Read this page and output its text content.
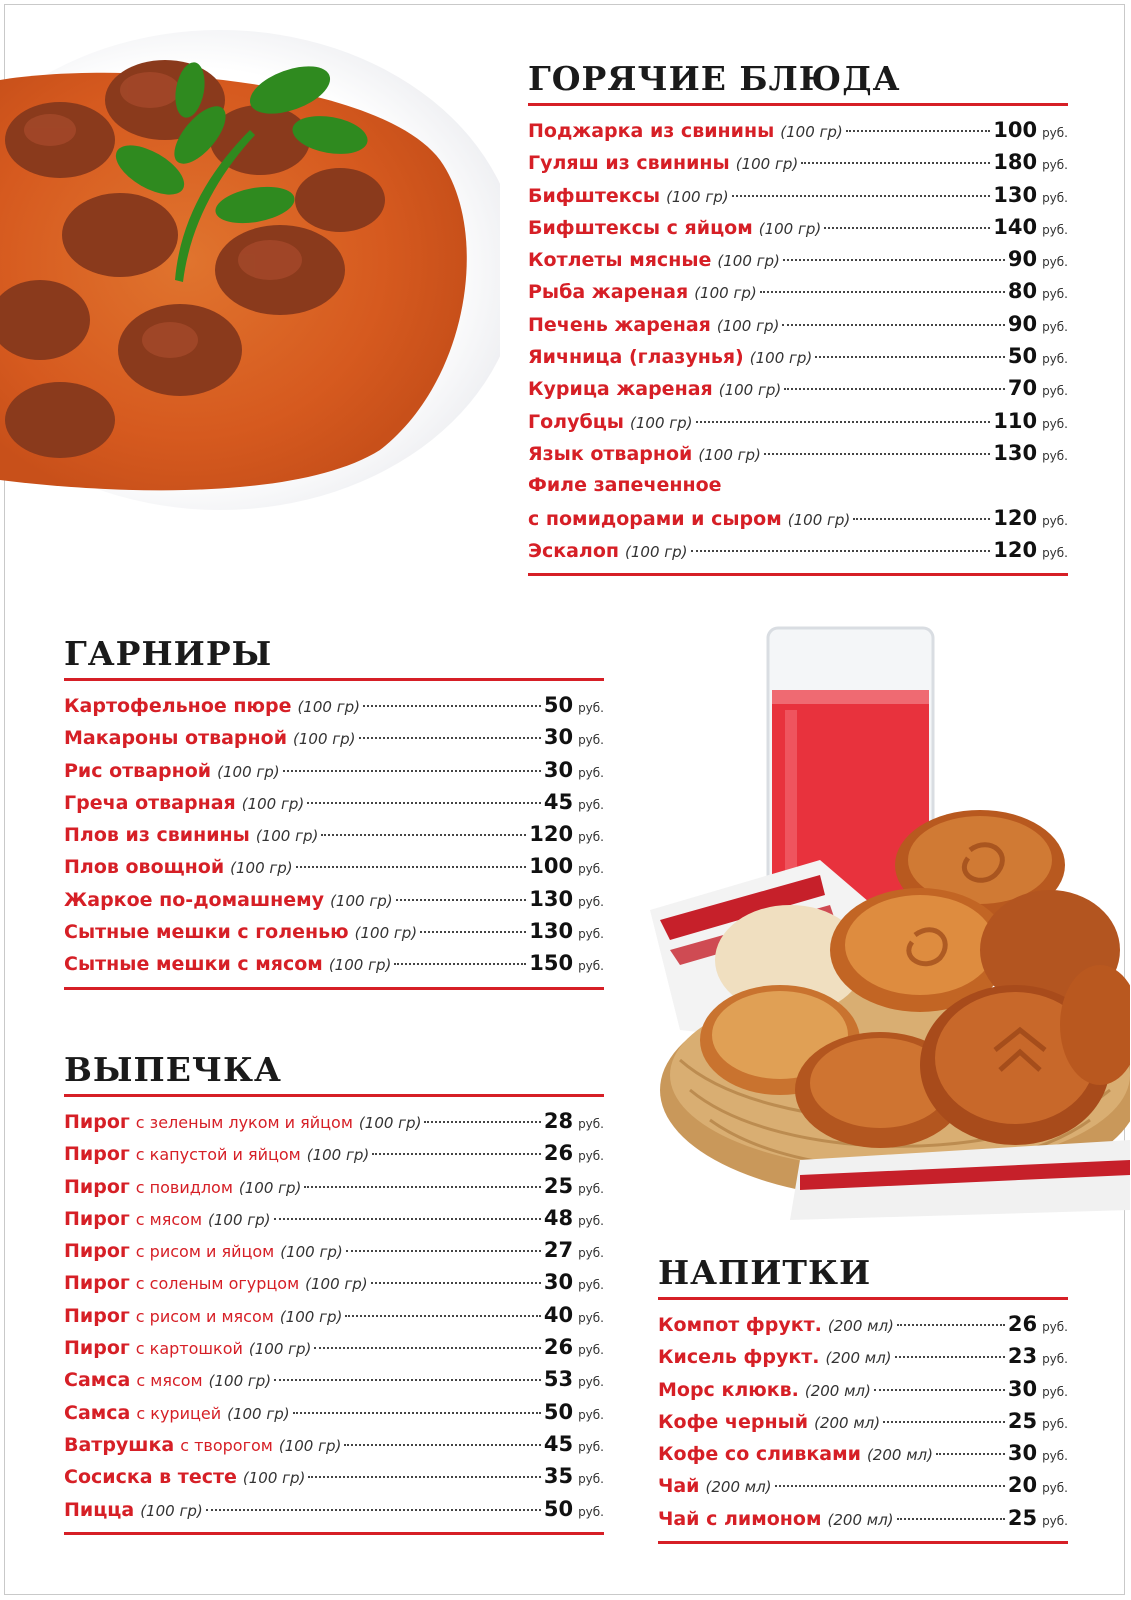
ГОРЯЧИЕ БЛЮДА
Поджарка из свинины (100 гр)	100 руб.
Гуляш из свинины (100 гр)	180 руб.
Бифштексы (100 гр)	130 руб.
Бифштексы с яйцом (100 гр)	140 руб.
Котлеты мясные (100 гр)	90 руб.
Рыба жареная (100 гр)	80 руб.
Печень жареная (100 гр)	90 руб.
Яичница (глазунья) (100 гр)	50 руб.
Курица жареная (100 гр)	70 руб.
Голубцы (100 гр)	110 руб.
Язык отварной (100 гр)	130 руб.
Филе запеченное
с помидорами и сыром (100 гр)	120 руб.
Эскалоп (100 гр)	120 руб.
ГАРНИРЫ
Картофельное пюре (100 гр)	50 руб.
Макароны отварной (100 гр)	30 руб.
Рис отварной (100 гр)	30 руб.
Греча отварная (100 гр)	45 руб.
Плов из свинины (100 гр)	120 руб.
Плов овощной (100 гр)	100 руб.
Жаркое по-домашнему (100 гр)	130 руб.
Сытные мешки с голенью (100 гр)	130 руб.
Сытные мешки с мясом (100 гр)	150 руб.
ВЫПЕЧКА
Пирог с зеленым луком и яйцом (100 гр)	28 руб.
Пирог с капустой и яйцом (100 гр)	26 руб.
Пирог с повидлом (100 гр)	25 руб.
Пирог с мясом (100 гр)	48 руб.
Пирог с рисом и яйцом (100 гр)	27 руб.
Пирог с соленым огурцом (100 гр)	30 руб.
Пирог с рисом и мясом (100 гр)	40 руб.
Пирог с картошкой (100 гр)	26 руб.
Самса с мясом (100 гр)	53 руб.
Самса с курицей (100 гр)	50 руб.
Ватрушка с творогом (100 гр)	45 руб.
Сосиска в тесте (100 гр)	35 руб.
Пицца (100 гр)	50 руб.
НАПИТКИ
Компот фрукт. (200 мл)	26 руб.
Кисель фрукт. (200 мл)	23 руб.
Морс клюкв. (200 мл)	30 руб.
Кофе черный (200 мл)	25 руб.
Кофе со сливками (200 мл)	30 руб.
Чай (200 мл)	20 руб.
Чай с лимоном (200 мл)	25 руб.
